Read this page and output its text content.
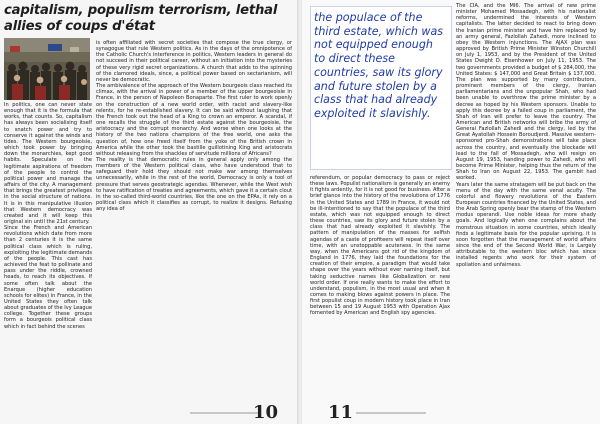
capitalism, populism terrorism, lethal allies of coups d'état
In politics, one can never state enough that it is the formula that works, that counts. So, capitalism has always been socialising itself to snatch power and try to conserve it against the winds and tides. The Western bourgeoisie, which took power by bringing down the monarchies, kept good habits. Speculate on the legitimate aspirations of freedom of the people to control the political power and manage the affairs of the city. A management that brings the greatest privileges in the social structure of nations. It is in this manipulative illusion that Western democracy was created and it will keep this original sin until the 21st century.
Since the French and American revolutions which date from more than 2 centuries it is the same political class which is ruling, exploiting the legitimate demands of the people. This cast has achieved the feat to pollinate and pass under the riddle, crowned heads, to reach its objectives. If some often talk about the Enarque (higher education schools for elites) in France, in the United States they often talk about graduates of the Ivy League college. Together these groups form a bourgeois political class which in fact behind the scenes
is often affiliated with secret societies that compose the true clergy, or synagogue that rule Western politics. As in the days of the omnipotence of the Catholic Church's interference in politics, Western leaders in general do not succeed in their political career, without an initiation into the mysteries of these very rigid secret organizations. A church that adds to the spinning of the clamored ideals, since, a political power based on sectarianism, will never be democratic.
The ambivalence of the approach of the Western bourgeois class reached its climax, with the arrival in power of a member of the upper bourgeoisie in France, in the person of Napoleon Bonaparte. The first ruler to work openly on the construction of a new world order, with racist and slavery-like relents, for he re-established slavery. It can be said without laughing that the French took out the head of a King to crown an emperor. A scandal, if one recalls the struggle of the third estate against the bourgeoisie, the aristocracy and the corrupt monarchy. And worse when one looks at the history of the two nations champions of the free world, one asks the question of, how one freed itself from the yoke of the British crown in America while the other took the bastille guillotining King and aristocrats without releasing from the shackles of servitude millions of Africans?
The reality is that democratic rules in general apply only among the members of the Western political class, who have understood that to safeguard their hold they should not make war among themselves unnecessarily, while in the rest of the world, Democracy is only a tool of pressure that serves geostrategic agendas. Whenever, while the West wish to have ratification of treaties and agreements, which gave it a certain clout in the so-called third-world countries, like the one on the EPAs, it rely on a political class which it classifies as corrupt, to realize it designs. Refusing any idea of
10

the populace of the third estate, which was not equipped enough to direct these countries, saw its glory and future stolen by a class that had already exploited it slavishly.

referendum, or popular democracy to pass or reject these laws. Populist nationalism is generally an enemy it fights ardently, for it is not good for business. After a brief glance into the history of the revolutions of 1776 in the United States and 1789 in France, it would not be ill-intentioned to say that the populace of the third estate, which was not equipped enough to direct these countries, saw its glory and future stolen by a class that had already exploited it slavishly. The pattern of manipulation of the masses for selfish agendas of a caste of profiteers will repeat itself over time, with an unstoppable acuteness. In the same way, when the Americans got rid of the kingdom of England in 1776, they laid the foundations for the creation of their empire, a paradigm that would take shape over the years without ever naming itself, but taking seductive names like Globalization or new world order. If one really wants to make the effort to understand, populism, in the most usual and when it comes to making blows against powers in place. The first populist coup in modern history took place in Iran between 15 and 19 August 1953 with Operation Ajax fomented by American and English spy agencies.
The CIA, and the MI6. The arrival of new prime minister Mohamed Mossadegh, with his nationalist reforms, undermined the interests of Western capitalists. The latter decided to react to bring down the Iranian prime minister and have him replaced by an army general, Fazlollah Zahedi, more inclined to obey the Western injunctions. The AJAX plan was approved by British Prime Minister Winston Churchill on July 1, 1953, and by the President of the United States Dwight D. Eisenhower on July 11, 1953. The two governments provided a budget of $ 284,000, the United States: $ 147,000 and Great Britain $ 137,000. The plan was supported by many contributors, prominent members of the clergy, Iranian parliamentarians and the unpopular Shah, who had been unable to overthrow the prime minister by a decree as hoped by his Western sponsors. Unable to apply this decree by a failed coup in parliament, the Shah of Iran will prefer to leave the country. The American and British networks will bribe the army of General Fazlollah Zahedi and the clergy, led by the Great Ayatollah Hossein Boroudjerdi. Massive western-sponsored pro-Shah demonstrations will take place across the country, and eventually the blockade will lead to the fall of Mossadegh, who will resign on August 19, 1953, handing power to Zahedi, who will become Prime Minister, helping thus the return of the Shah to Iran on August 22, 1953. The gambit had worked.
Years later the same stratagem will be put back on the menu of the day with the same venal acuity. The colorful and flowery revolutions of the Eastern European countries financed by the United States, and the Arab Spring openly bear the stamp of the Western modus operandi. Use noble ideas for more shady goals. And logically when one complains about the monstrous situation in some countries, which ideally finds a legitimate basis for the popular uprising, it is soon forgotten that the management of world affairs since the end of the Second World War, is Largely attributable to the western bloc which has since installed regents who work for their system of spoliation and unfairness.
11
